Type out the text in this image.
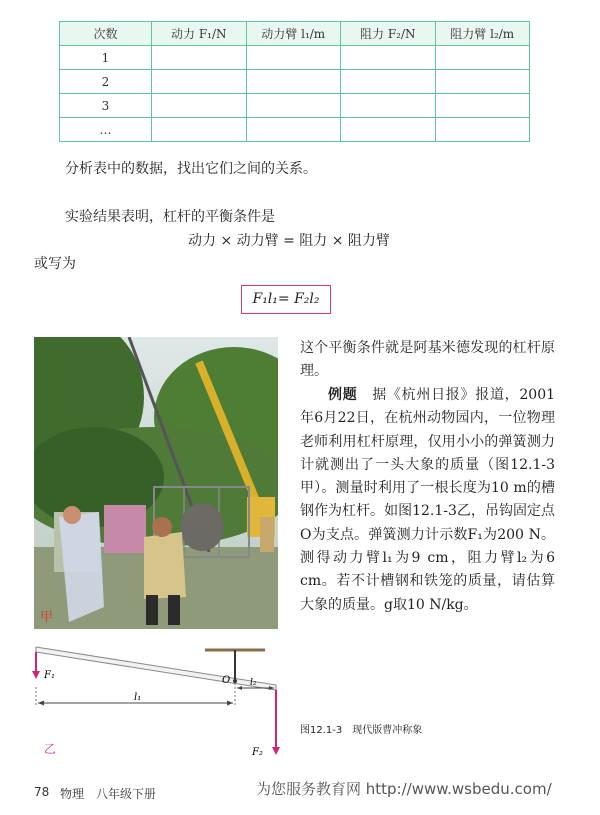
次数	动力 F₁/N	动力臂 l₁/m	阻力 F₂/N	阻力臂 l₂/m
1				
2				
3				
…				
分析表中的数据，找出它们之间的关系。
实验结果表明，杠杆的平衡条件是
动力 × 动力臂 = 阻力 × 阻力臂
或写为
F₁l₁= F₂l₂
甲
这个平衡条件就是阿基米德发现的杠杆原理。
例题　 据《杭州日报》报道，2001年6月22日，在杭州动物园内，一位物理老师利用杠杆原理，仅用小小的弹簧测力计就测出了一头大象的质量（图12.1-3甲）。测量时利用了一根长度为10 m的槽钢作为杠杆。如图12.1-3乙，吊钩固定点O为支点。弹簧测力计示数F₁为200 N。测得动力臂l₁为9 cm，阻力臂l₂为6 cm。若不计槽钢和铁笼的质量，请估算大象的质量。g取10 N/kg。
F₁	O
F₂
l₁
l₂
乙
图12.1-3　现代版曹冲称象
78 物理　八年级下册	为您服务教育网 http://www.wsbedu.com/
